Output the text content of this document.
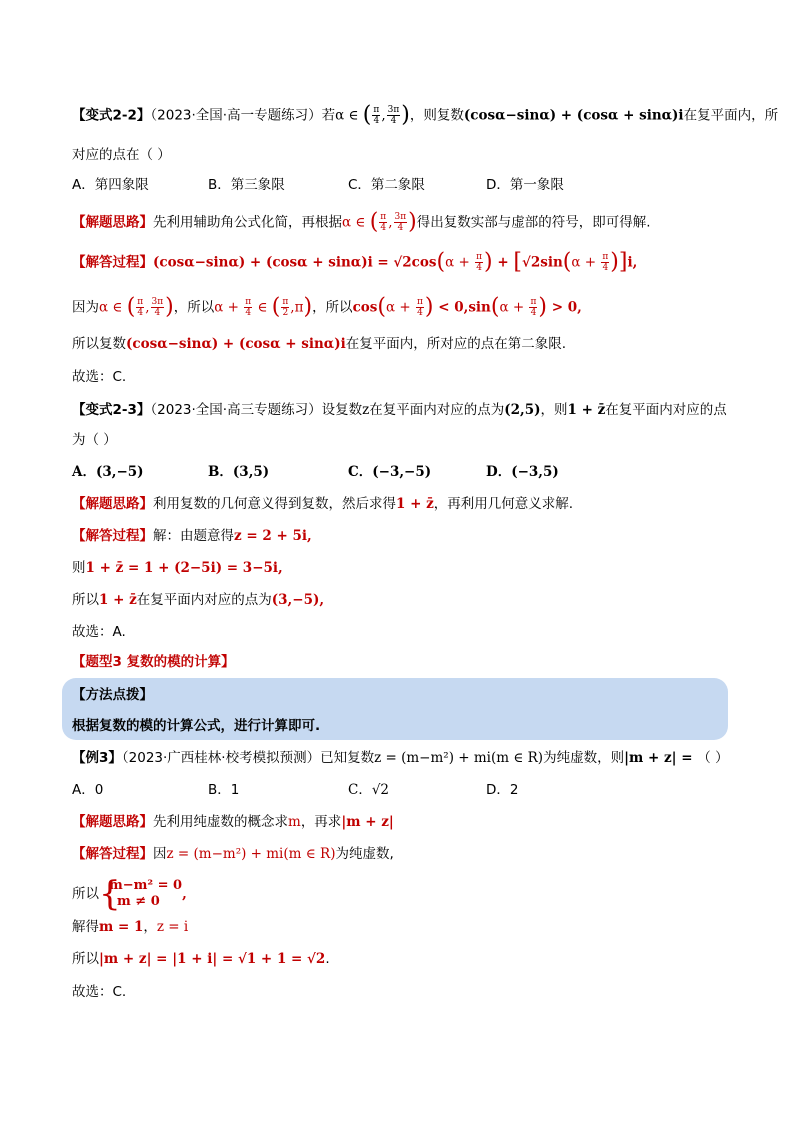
【变式2-2】（2023·全国·高一专题练习）若α ∈ ( $\frac{\pi}{4}$ , $\frac{3\pi}{4}$ )，则复数(cosα−sinα) + (cosα + sinα)i在复平面内，所
对应的点在（ ）
A．第四象限	B．第三象限	C．第二象限	D．第一象限
【解题思路】先利用辅助角公式化简，再根据α ∈ ( $\frac{\pi}{4}$ , $\frac{3\pi}{4}$ )得出复数实部与虚部的符号，即可得解.
【解答过程】$(\cos\alpha-\sin\alpha) + (\cos\alpha + \sin\alpha)i = √2\cos(\alpha + \frac{\pi}{4}$ ) + $[√2\sin(\alpha + \frac{\pi}{4} )]i$,
因为α ∈ ( $\frac{\pi}{4}$ , $\frac{3\pi}{4}$ )，所以$\alpha + \frac{\pi}{4}$ ∈ ( $\frac{\pi}{2} ,\pi$)，所以$\cos(\alpha + \frac{\pi}{4}$ ) < $0,\sin(\alpha + \frac{\pi}{4}$ ) > 0,
所以复数(cosα−sinα) + (cosα + sinα)i在复平面内，所对应的点在第二象限.
故选：C.
【变式2-3】（2023·全国·高三专题练习）设复数z在复平面内对应的点为(2,5)，则1 + z̄在复平面内对应的点
为（ ）
A．(3,−5)	B．(3,5)	C．(−3,−5)	D．(−3,5)
【解题思路】利用复数的几何意义得到复数，然后求得1 + z̄，再利用几何意义求解.
【解答过程】解：由题意得z = 2 + 5i,
则1 + z̄ = 1 + (2−5i) = 3−5i,
所以1 + z̄在复平面内对应的点为(3,−5),
故选：A.
【题型3 复数的模的计算】
【方法点拨】
根据复数的模的计算公式，进行计算即可.
【例3】（2023·广西桂林·校考模拟预测）已知复数z = (m−m²) + mi(m ∈ R)为纯虚数，则|m + z| = （ ）
A．0	B．1	C．√2	D．2
【解题思路】先利用纯虚数的概念求m，再求|m + z|
【解答过程】因z = (m−m²) + mi(m ∈ R)为纯虚数,
所以 {
m−m² = 0
m ≠ 0	,
解得m = 1，z = i
所以|m + z| = |1 + i| = √1 + 1 = √2.
故选：C.
